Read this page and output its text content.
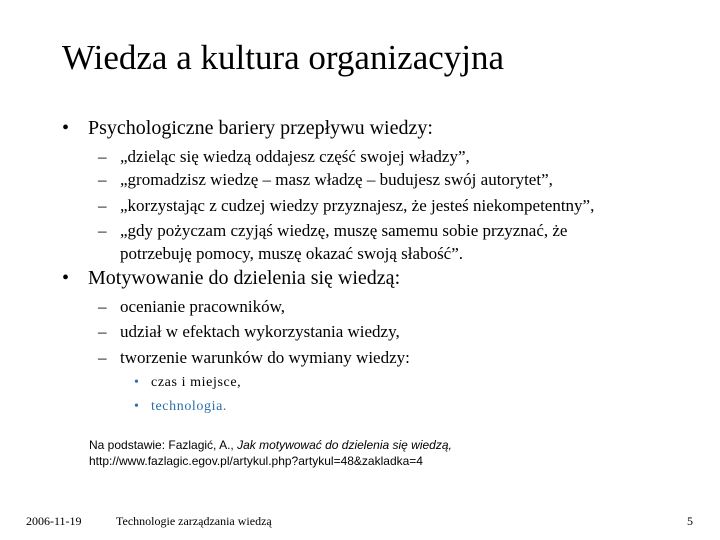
Wiedza a kultura organizacyjna
• Psychologiczne bariery przepływu wiedzy:
– „dzieląc się wiedzą oddajesz część swojej władzy”,
– „gromadzisz wiedzę – masz władzę – budujesz swój autorytet”,
– „korzystając z cudzej wiedzy przyznajesz, że jesteś niekompetentny”,
– „gdy pożyczam czyjąś wiedzę, muszę samemu sobie przyznać, że potrzebuję pomocy, muszę okazać swoją słabość”.
• Motywowanie do dzielenia się wiedzą:
– ocenianie pracowników,
– udział w efektach wykorzystania wiedzy,
– tworzenie warunków do wymiany wiedzy:
• czas i miejsce,
• technologia.
Na podstawie: Fazlagić, A., Jak motywować do dzielenia się wiedzą,
http://www.fazlagic.egov.pl/artykul.php?artykul=48&zakladka=4
2006-11-19	Technologie zarządzania wiedzą	5
